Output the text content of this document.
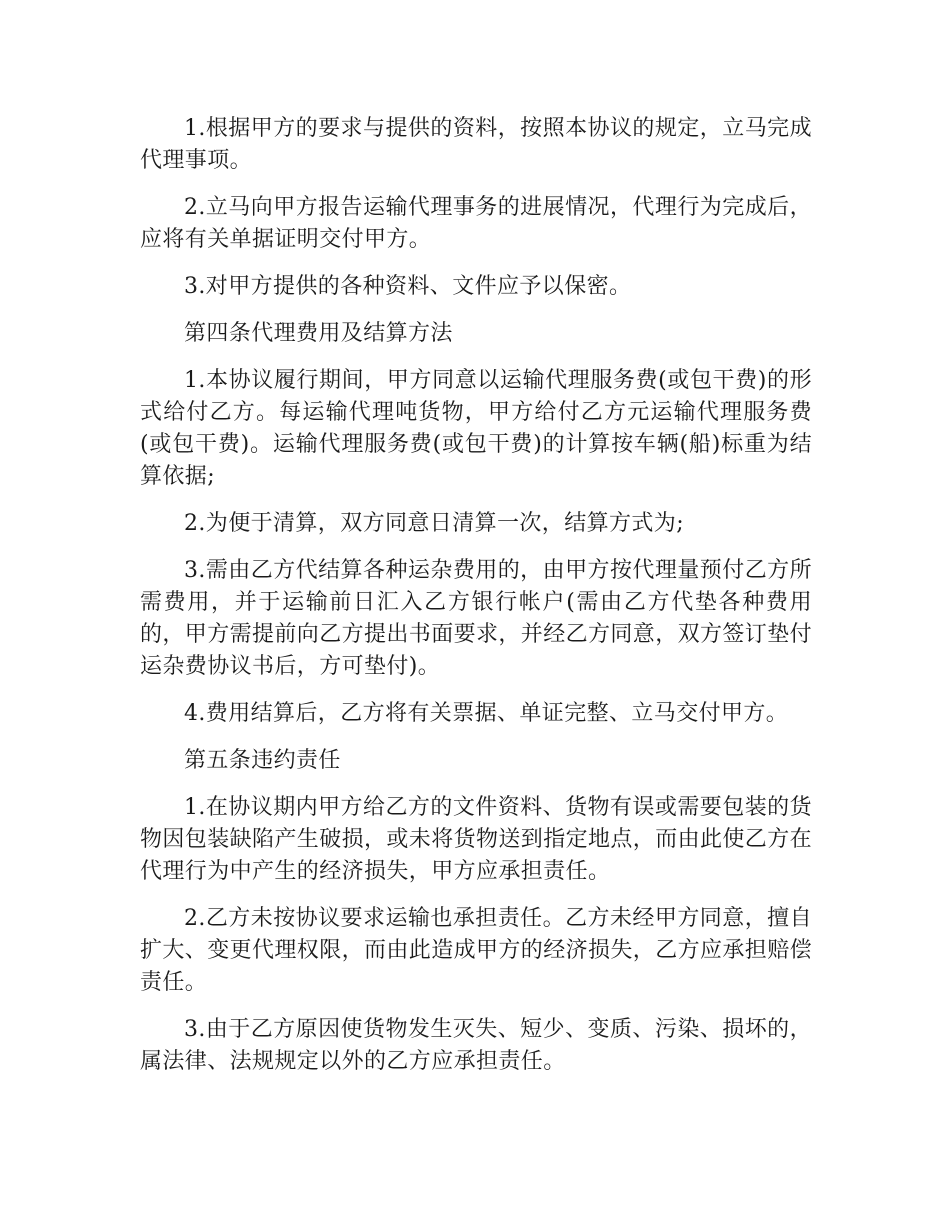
1.根据甲方的要求与提供的资料，按照本协议的规定，立马完成代理事项。

2.立马向甲方报告运输代理事务的进展情况，代理行为完成后，应将有关单据证明交付甲方。

3.对甲方提供的各种资料、文件应予以保密。

第四条代理费用及结算方法

1.本协议履行期间，甲方同意以运输代理服务费(或包干费)的形式给付乙方。每运输代理吨货物，甲方给付乙方元运输代理服务费(或包干费)。运输代理服务费(或包干费)的计算按车辆(船)标重为结算依据;

2.为便于清算，双方同意日清算一次，结算方式为;

3.需由乙方代结算各种运杂费用的，由甲方按代理量预付乙方所需费用，并于运输前日汇入乙方银行帐户(需由乙方代垫各种费用的，甲方需提前向乙方提出书面要求，并经乙方同意，双方签订垫付运杂费协议书后，方可垫付)。

4.费用结算后，乙方将有关票据、单证完整、立马交付甲方。

第五条违约责任

1.在协议期内甲方给乙方的文件资料、货物有误或需要包装的货物因包装缺陷产生破损，或未将货物送到指定地点，而由此使乙方在代理行为中产生的经济损失，甲方应承担责任。

2.乙方未按协议要求运输也承担责任。乙方未经甲方同意，擅自扩大、变更代理权限，而由此造成甲方的经济损失，乙方应承担赔偿责任。

3.由于乙方原因使货物发生灭失、短少、变质、污染、损坏的，属法律、法规规定以外的乙方应承担责任。
